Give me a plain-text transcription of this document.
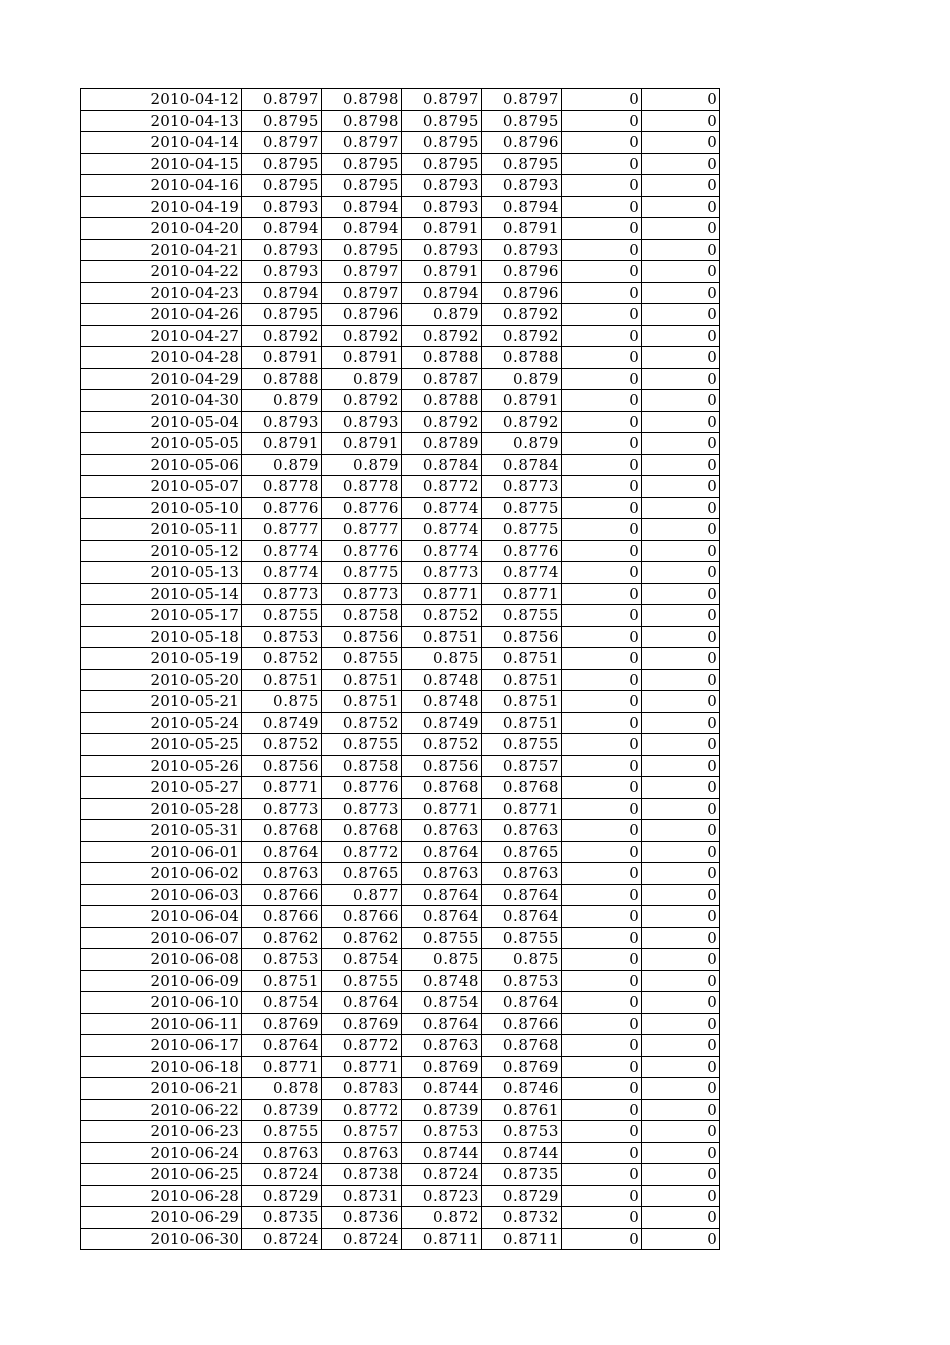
2010-04-12	0.8797	0.8798	0.8797	0.8797	0	0
2010-04-13	0.8795	0.8798	0.8795	0.8795	0	0
2010-04-14	0.8797	0.8797	0.8795	0.8796	0	0
2010-04-15	0.8795	0.8795	0.8795	0.8795	0	0
2010-04-16	0.8795	0.8795	0.8793	0.8793	0	0
2010-04-19	0.8793	0.8794	0.8793	0.8794	0	0
2010-04-20	0.8794	0.8794	0.8791	0.8791	0	0
2010-04-21	0.8793	0.8795	0.8793	0.8793	0	0
2010-04-22	0.8793	0.8797	0.8791	0.8796	0	0
2010-04-23	0.8794	0.8797	0.8794	0.8796	0	0
2010-04-26	0.8795	0.8796	0.879	0.8792	0	0
2010-04-27	0.8792	0.8792	0.8792	0.8792	0	0
2010-04-28	0.8791	0.8791	0.8788	0.8788	0	0
2010-04-29	0.8788	0.879	0.8787	0.879	0	0
2010-04-30	0.879	0.8792	0.8788	0.8791	0	0
2010-05-04	0.8793	0.8793	0.8792	0.8792	0	0
2010-05-05	0.8791	0.8791	0.8789	0.879	0	0
2010-05-06	0.879	0.879	0.8784	0.8784	0	0
2010-05-07	0.8778	0.8778	0.8772	0.8773	0	0
2010-05-10	0.8776	0.8776	0.8774	0.8775	0	0
2010-05-11	0.8777	0.8777	0.8774	0.8775	0	0
2010-05-12	0.8774	0.8776	0.8774	0.8776	0	0
2010-05-13	0.8774	0.8775	0.8773	0.8774	0	0
2010-05-14	0.8773	0.8773	0.8771	0.8771	0	0
2010-05-17	0.8755	0.8758	0.8752	0.8755	0	0
2010-05-18	0.8753	0.8756	0.8751	0.8756	0	0
2010-05-19	0.8752	0.8755	0.875	0.8751	0	0
2010-05-20	0.8751	0.8751	0.8748	0.8751	0	0
2010-05-21	0.875	0.8751	0.8748	0.8751	0	0
2010-05-24	0.8749	0.8752	0.8749	0.8751	0	0
2010-05-25	0.8752	0.8755	0.8752	0.8755	0	0
2010-05-26	0.8756	0.8758	0.8756	0.8757	0	0
2010-05-27	0.8771	0.8776	0.8768	0.8768	0	0
2010-05-28	0.8773	0.8773	0.8771	0.8771	0	0
2010-05-31	0.8768	0.8768	0.8763	0.8763	0	0
2010-06-01	0.8764	0.8772	0.8764	0.8765	0	0
2010-06-02	0.8763	0.8765	0.8763	0.8763	0	0
2010-06-03	0.8766	0.877	0.8764	0.8764	0	0
2010-06-04	0.8766	0.8766	0.8764	0.8764	0	0
2010-06-07	0.8762	0.8762	0.8755	0.8755	0	0
2010-06-08	0.8753	0.8754	0.875	0.875	0	0
2010-06-09	0.8751	0.8755	0.8748	0.8753	0	0
2010-06-10	0.8754	0.8764	0.8754	0.8764	0	0
2010-06-11	0.8769	0.8769	0.8764	0.8766	0	0
2010-06-17	0.8764	0.8772	0.8763	0.8768	0	0
2010-06-18	0.8771	0.8771	0.8769	0.8769	0	0
2010-06-21	0.878	0.8783	0.8744	0.8746	0	0
2010-06-22	0.8739	0.8772	0.8739	0.8761	0	0
2010-06-23	0.8755	0.8757	0.8753	0.8753	0	0
2010-06-24	0.8763	0.8763	0.8744	0.8744	0	0
2010-06-25	0.8724	0.8738	0.8724	0.8735	0	0
2010-06-28	0.8729	0.8731	0.8723	0.8729	0	0
2010-06-29	0.8735	0.8736	0.872	0.8732	0	0
2010-06-30	0.8724	0.8724	0.8711	0.8711	0	0
